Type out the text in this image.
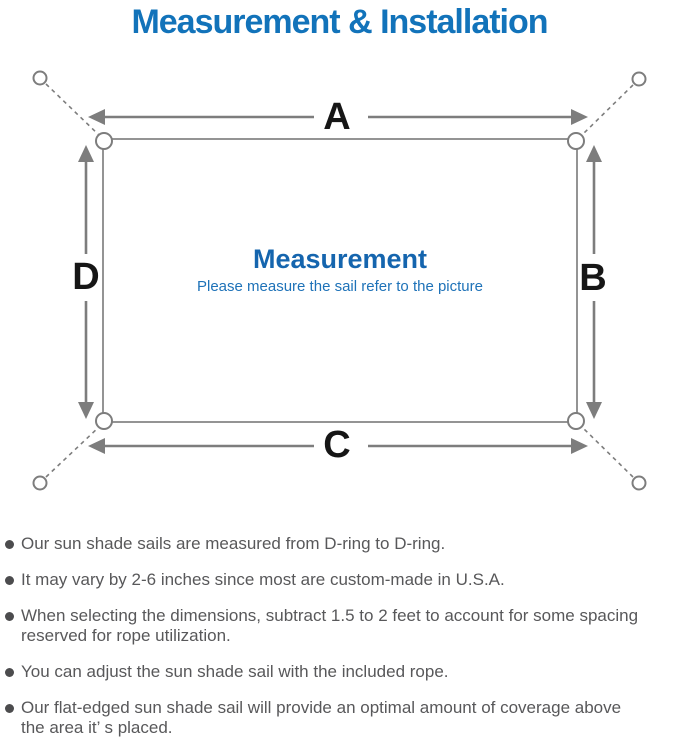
Measurement & Installation
A
B
C
D	Measurement
Please measure the sail refer to the picture
Our sun shade sails are measured from D-ring to D-ring.
It may vary by 2-6 inches since most are custom-made in U.S.A.
When selecting the dimensions, subtract 1.5 to 2 feet to account for some spacing reserved for rope utilization.
You can adjust the sun shade sail with the included rope.
Our flat-edged sun shade sail will provide an optimal amount of coverage above the area it’ s placed.
